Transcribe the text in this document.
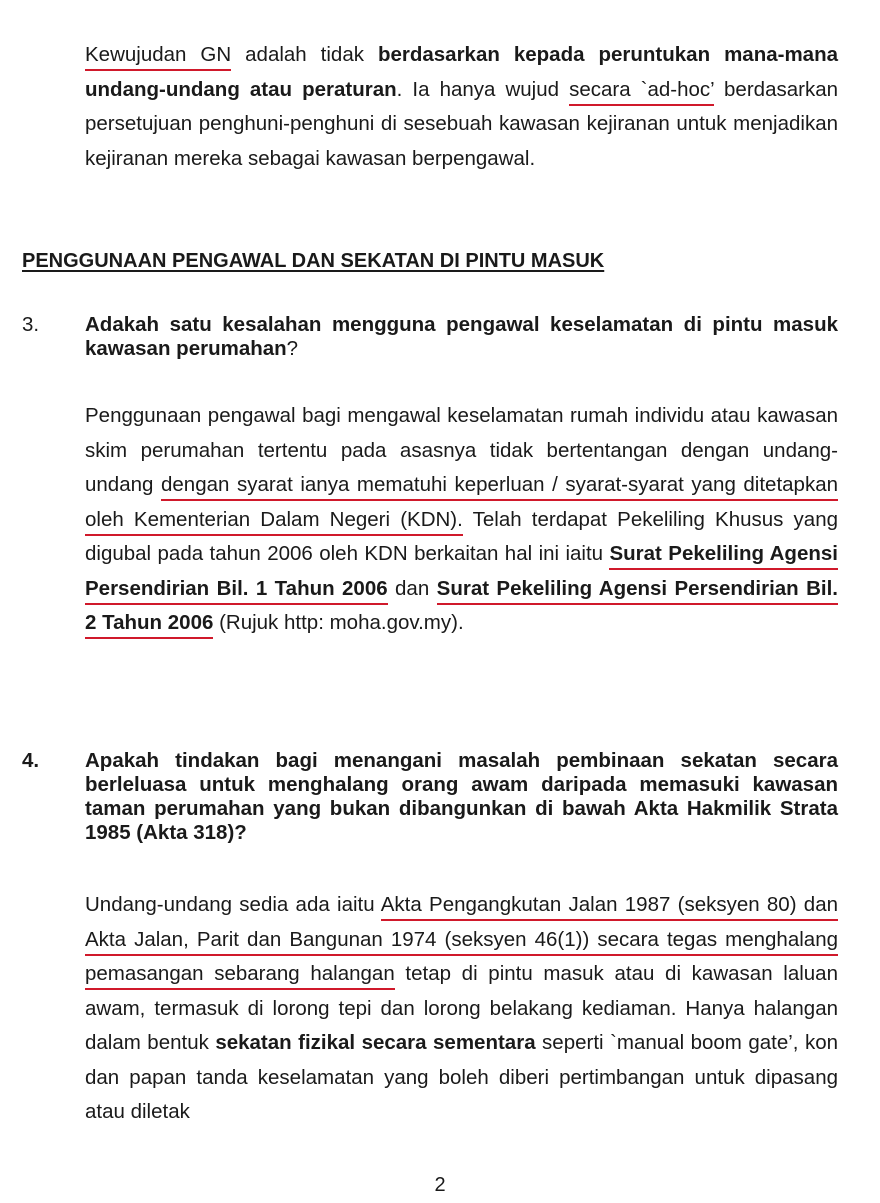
Kewujudan GN adalah tidak berdasarkan kepada peruntukan mana-mana undang-undang atau peraturan. Ia hanya wujud secara `ad-hoc’ berdasarkan persetujuan penghuni-penghuni di sesebuah kawasan kejiranan untuk menjadikan kejiranan mereka sebagai kawasan berpengawal.

PENGGUNAAN PENGAWAL DAN SEKATAN DI PINTU MASUK

3. Adakah satu kesalahan mengguna pengawal keselamatan di pintu masuk kawasan perumahan?

Penggunaan pengawal bagi mengawal keselamatan rumah individu atau kawasan skim perumahan tertentu pada asasnya tidak bertentangan dengan undang-undang dengan syarat ianya mematuhi keperluan / syarat-syarat yang ditetapkan oleh Kementerian Dalam Negeri (KDN). Telah terdapat Pekeliling Khusus yang digubal pada tahun 2006 oleh KDN berkaitan hal ini iaitu Surat Pekeliling Agensi Persendirian Bil. 1 Tahun 2006 dan Surat Pekeliling Agensi Persendirian Bil. 2 Tahun 2006 (Rujuk http: moha.gov.my).

4. Apakah tindakan bagi menangani masalah pembinaan sekatan secara berleluasa untuk menghalang orang awam daripada memasuki kawasan taman perumahan yang bukan dibangunkan di bawah Akta Hakmilik Strata 1985 (Akta 318)?

Undang-undang sedia ada iaitu Akta Pengangkutan Jalan 1987 (seksyen 80) dan Akta Jalan, Parit dan Bangunan 1974 (seksyen 46(1)) secara tegas menghalang pemasangan sebarang halangan tetap di pintu masuk atau di kawasan laluan awam, termasuk di lorong tepi dan lorong belakang kediaman. Hanya halangan dalam bentuk sekatan fizikal secara sementara seperti `manual boom gate’, kon dan papan tanda keselamatan yang boleh diberi pertimbangan untuk dipasang atau diletak

2
